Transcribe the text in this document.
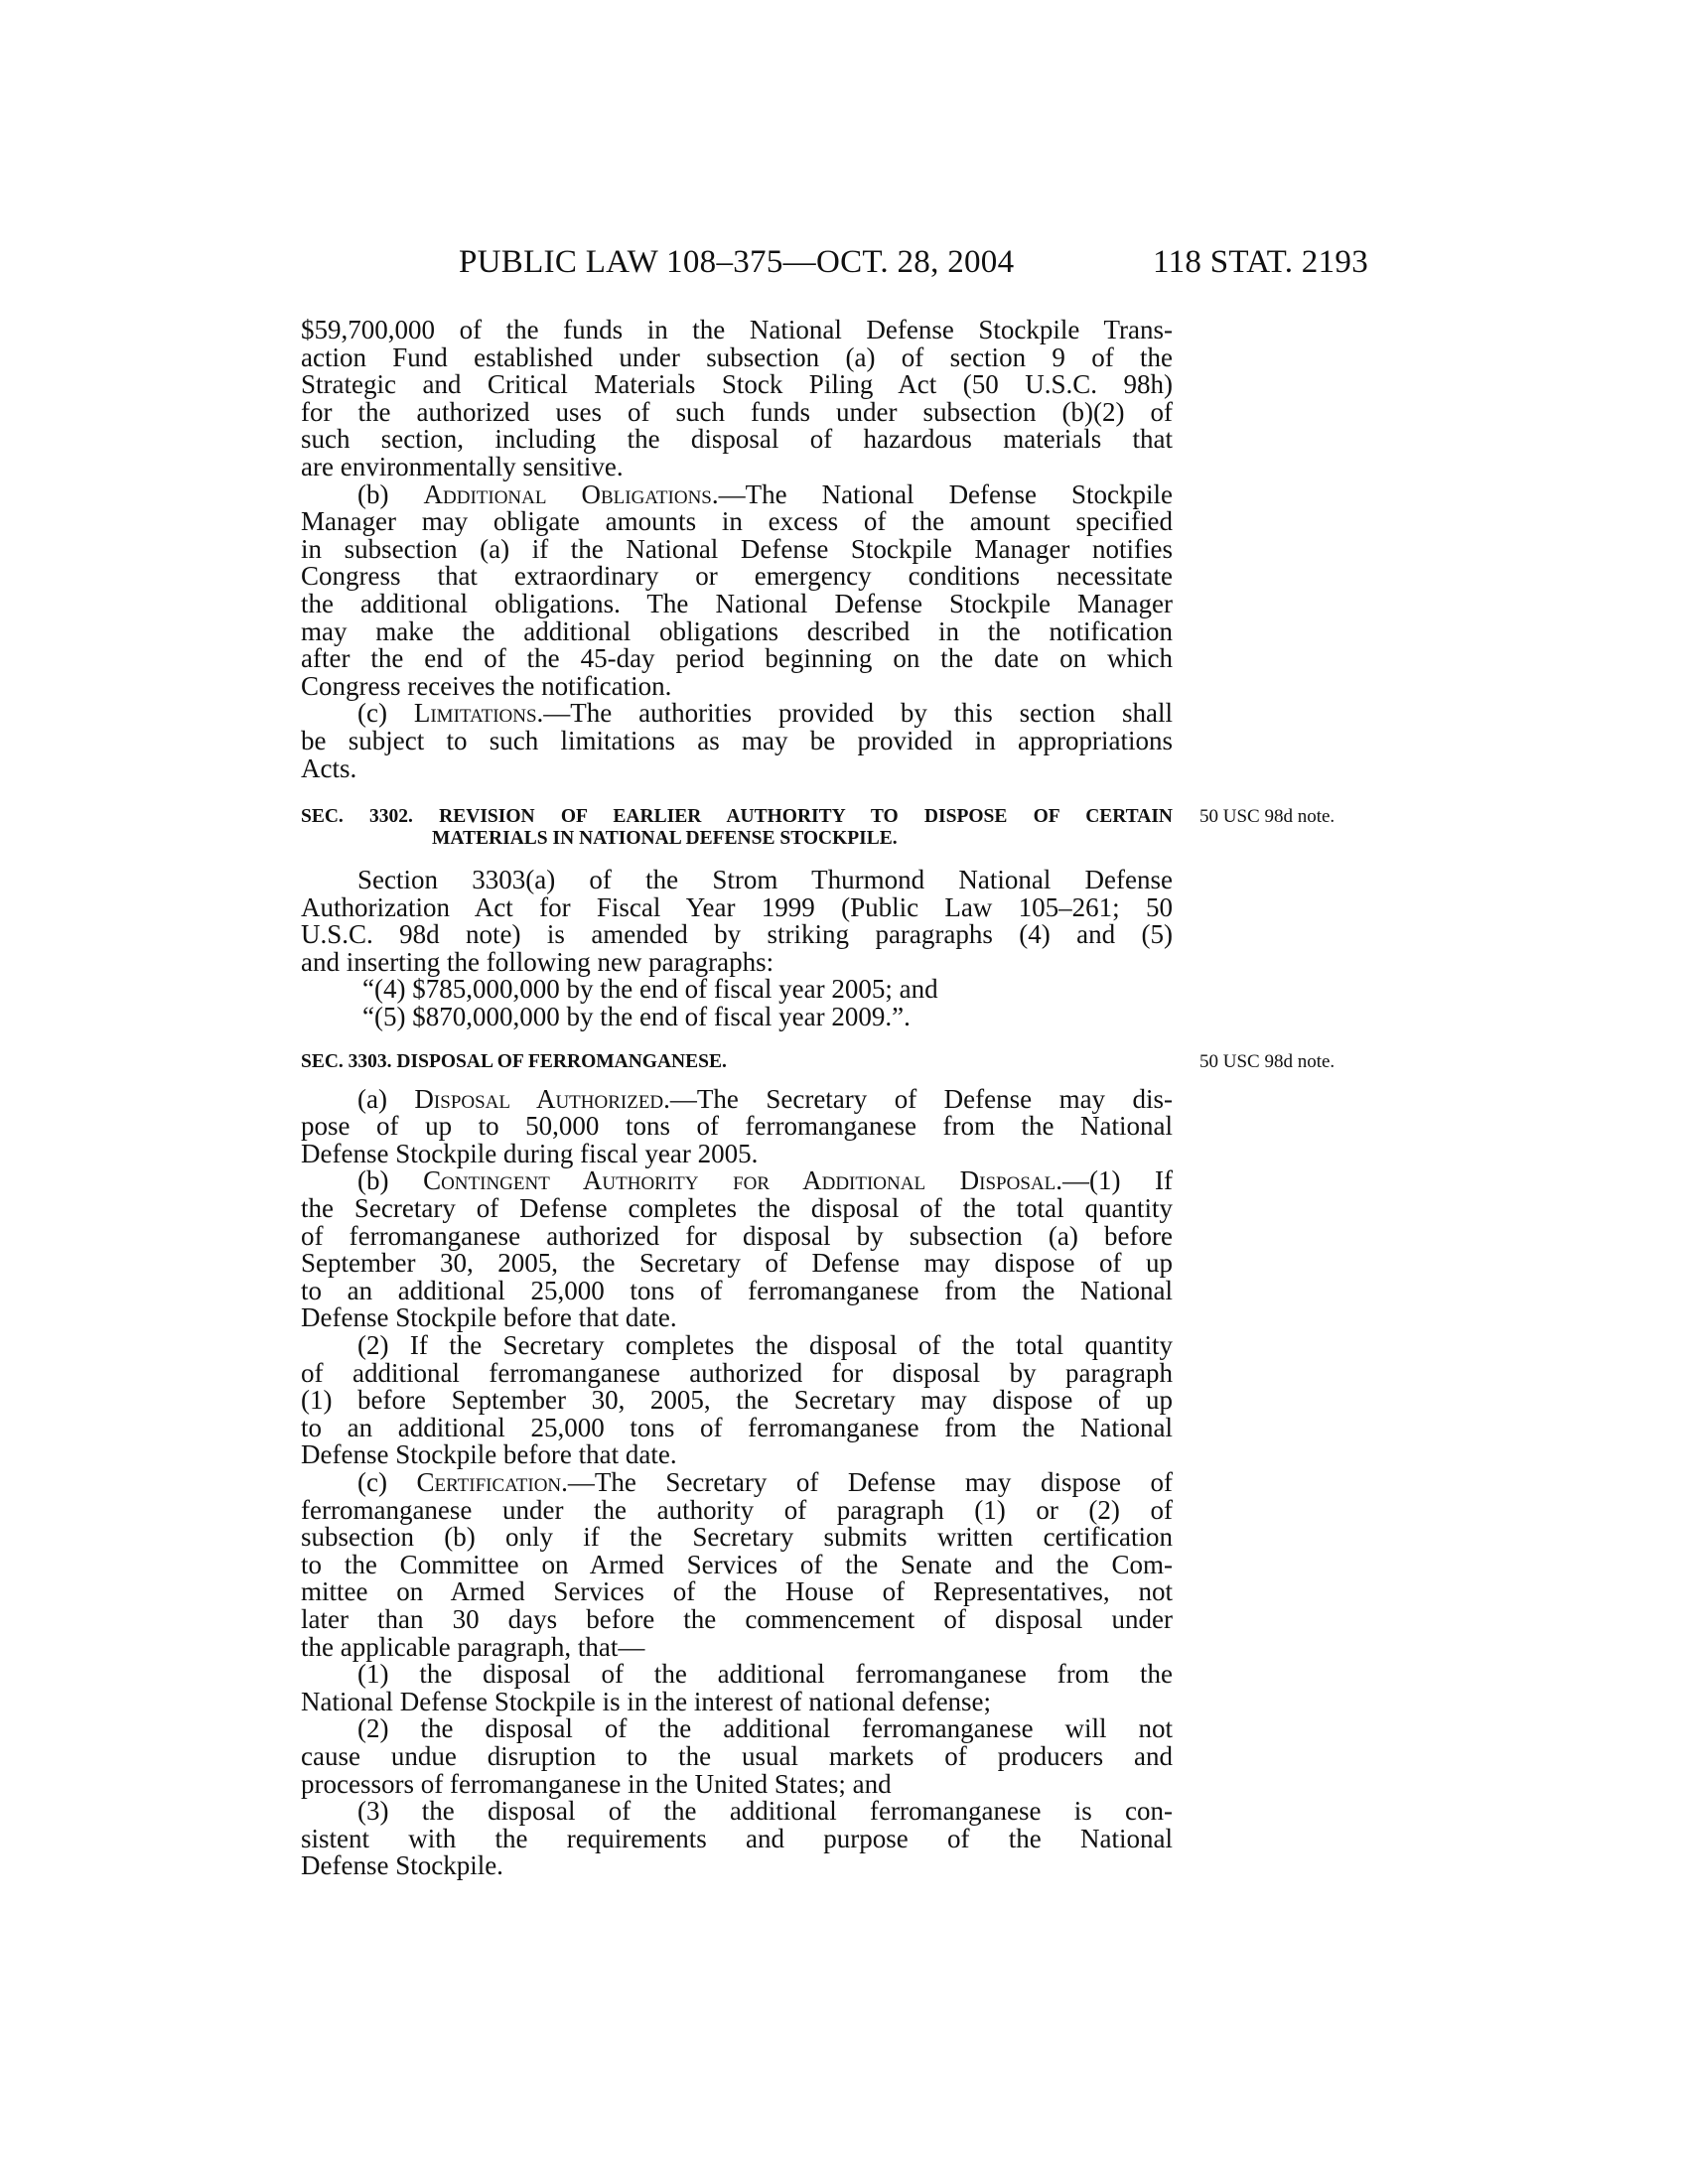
PUBLIC LAW 108–375—OCT. 28, 2004	118 STAT. 2193
$59,700,000 of the funds in the National Defense Stockpile Trans-
action Fund established under subsection (a) of section 9 of the
Strategic and Critical Materials Stock Piling Act (50 U.S.C. 98h)
for the authorized uses of such funds under subsection (b)(2) of
such section, including the disposal of hazardous materials that
are environmentally sensitive.
(b) Additional Obligations.—The National Defense Stockpile
Manager may obligate amounts in excess of the amount specified
in subsection (a) if the National Defense Stockpile Manager notifies
Congress that extraordinary or emergency conditions necessitate
the additional obligations. The National Defense Stockpile Manager
may make the additional obligations described in the notification
after the end of the 45-day period beginning on the date on which
Congress receives the notification.
(c) Limitations.—The authorities provided by this section shall
be subject to such limitations as may be provided in appropriations
Acts.
SEC. 3302. REVISION OF EARLIER AUTHORITY TO DISPOSE OF CERTAIN
MATERIALS IN NATIONAL DEFENSE STOCKPILE.
50 USC 98d note.
Section 3303(a) of the Strom Thurmond National Defense
Authorization Act for Fiscal Year 1999 (Public Law 105–261; 50
U.S.C. 98d note) is amended by striking paragraphs (4) and (5)
and inserting the following new paragraphs:
“(4) $785,000,000 by the end of fiscal year 2005; and
“(5) $870,000,000 by the end of fiscal year 2009.”.
SEC. 3303. DISPOSAL OF FERROMANGANESE.	50 USC 98d note.
(a) Disposal Authorized.—The Secretary of Defense may dis-
pose of up to 50,000 tons of ferromanganese from the National
Defense Stockpile during fiscal year 2005.
(b) Contingent Authority for Additional Disposal.—(1) If
the Secretary of Defense completes the disposal of the total quantity
of ferromanganese authorized for disposal by subsection (a) before
September 30, 2005, the Secretary of Defense may dispose of up
to an additional 25,000 tons of ferromanganese from the National
Defense Stockpile before that date.
(2) If the Secretary completes the disposal of the total quantity
of additional ferromanganese authorized for disposal by paragraph
(1) before September 30, 2005, the Secretary may dispose of up
to an additional 25,000 tons of ferromanganese from the National
Defense Stockpile before that date.
(c) Certification.—The Secretary of Defense may dispose of
ferromanganese under the authority of paragraph (1) or (2) of
subsection (b) only if the Secretary submits written certification
to the Committee on Armed Services of the Senate and the Com-
mittee on Armed Services of the House of Representatives, not
later than 30 days before the commencement of disposal under
the applicable paragraph, that—
(1) the disposal of the additional ferromanganese from the
National Defense Stockpile is in the interest of national defense;
(2) the disposal of the additional ferromanganese will not
cause undue disruption to the usual markets of producers and
processors of ferromanganese in the United States; and
(3) the disposal of the additional ferromanganese is con-
sistent with the requirements and purpose of the National
Defense Stockpile.
